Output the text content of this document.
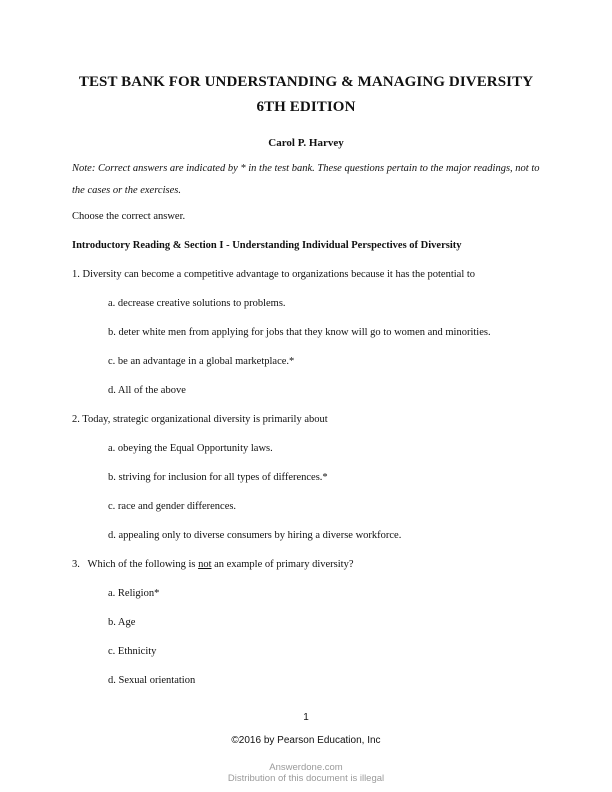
TEST BANK FOR UNDERSTANDING & MANAGING DIVERSITY
6TH EDITION
Carol P. Harvey
Note: Correct answers are indicated by * in the test bank. These questions pertain to the major readings, not to the cases or the exercises.
Choose the correct answer.
Introductory Reading & Section I - Understanding Individual Perspectives of Diversity
1. Diversity can become a competitive advantage to organizations because it has the potential to
a. decrease creative solutions to problems.
b. deter white men from applying for jobs that they know will go to women and minorities.
c. be an advantage in a global marketplace.*
d. All of the above
2. Today, strategic organizational diversity is primarily about
a. obeying the Equal Opportunity laws.
b. striving for inclusion for all types of differences.*
c. race and gender differences.
d. appealing only to diverse consumers by hiring a diverse workforce.
3.   Which of the following is not an example of primary diversity?
a. Religion*
b. Age
c. Ethnicity
d. Sexual orientation
1
©2016 by Pearson Education, Inc
Answerdone.com
Distribution of this document is illegal
